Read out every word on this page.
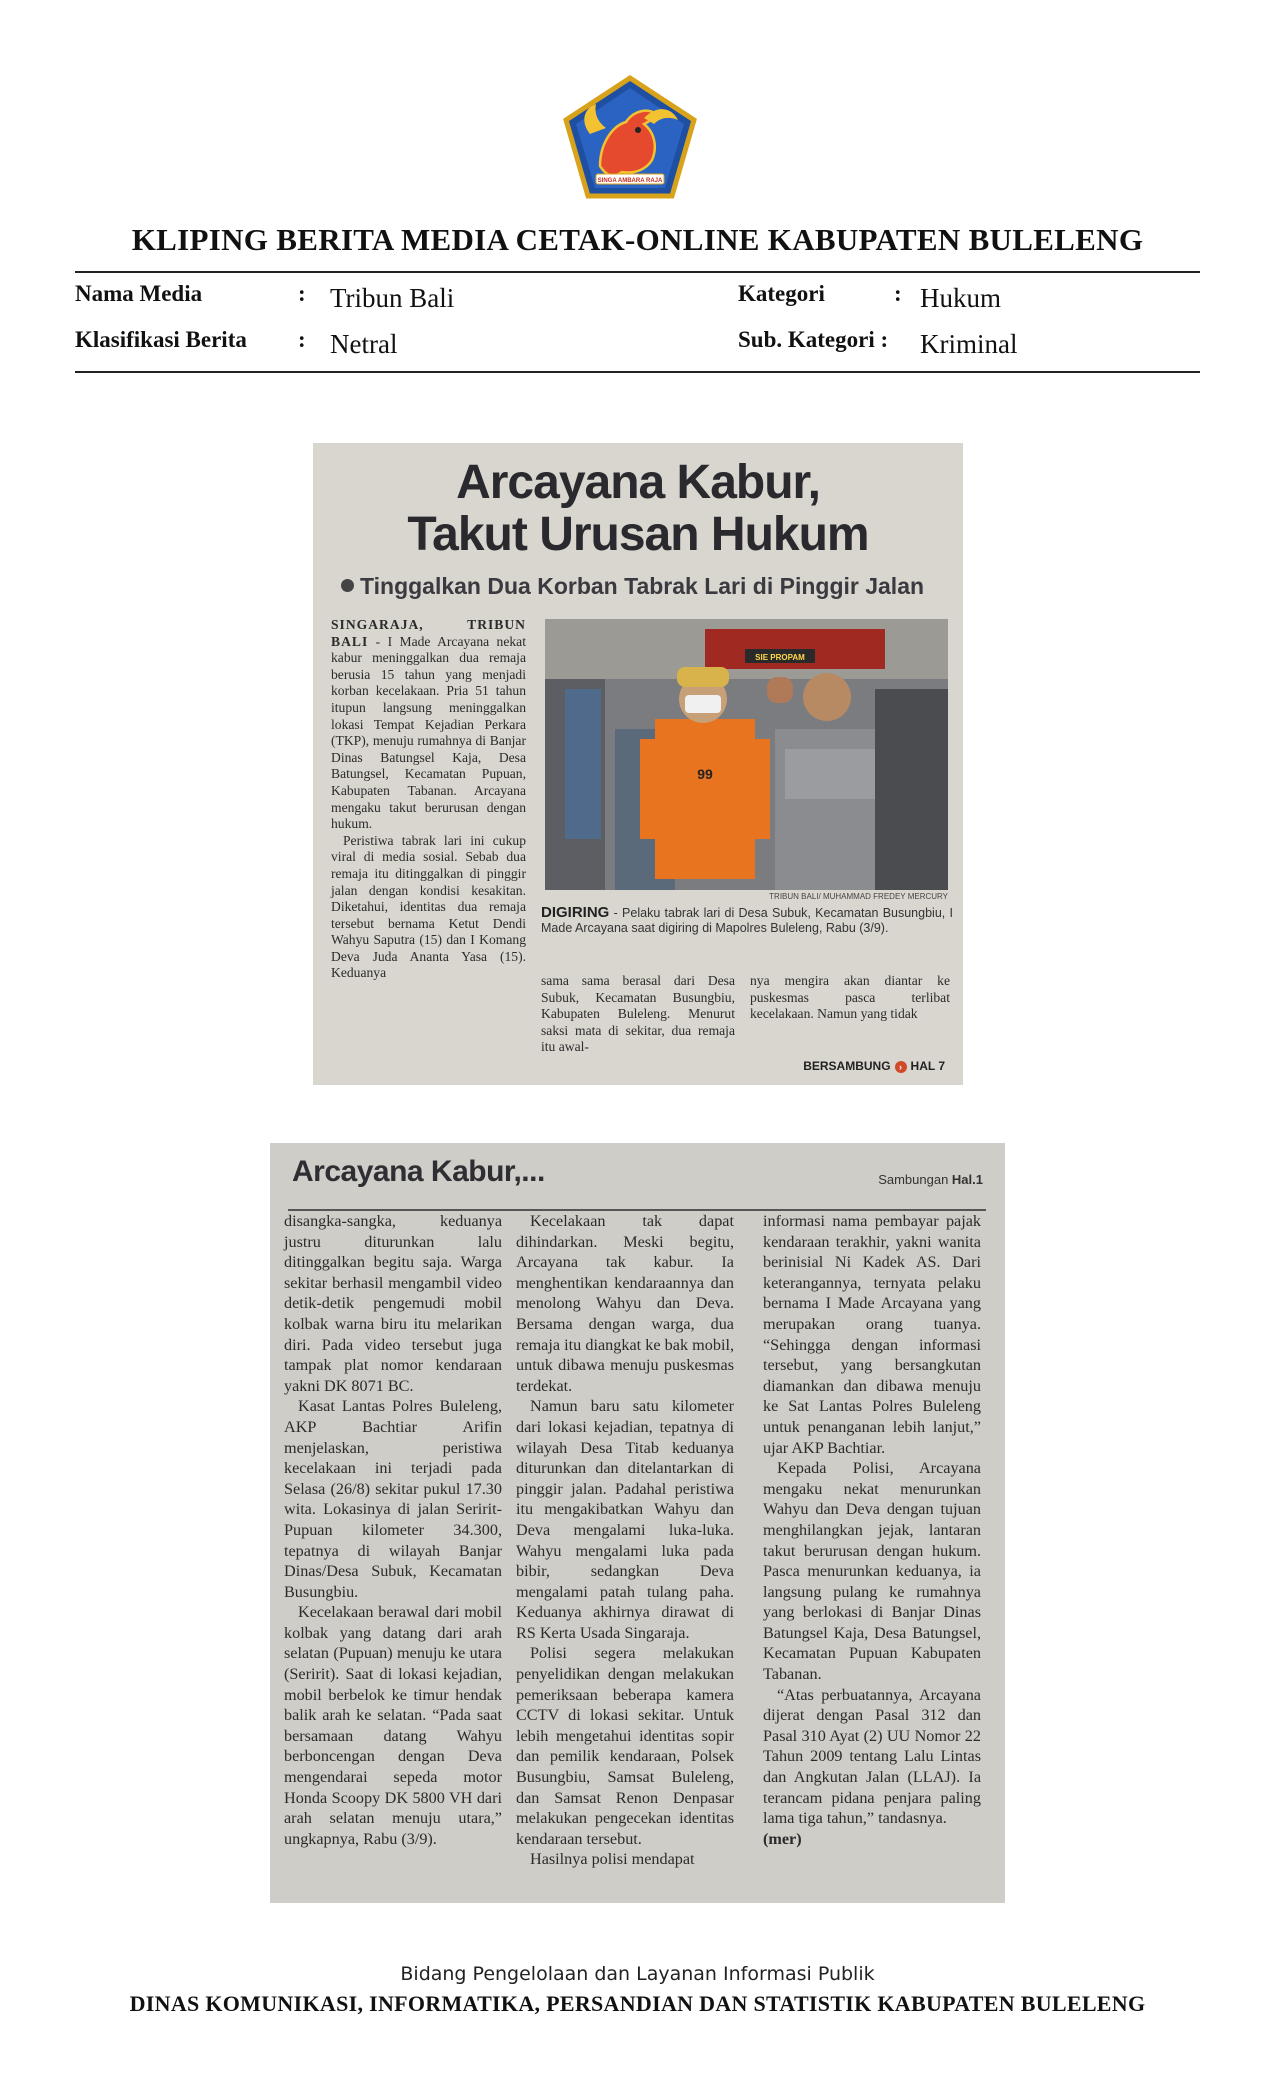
SINGA AMBARA RAJA
KLIPING BERITA MEDIA CETAK-ONLINE KABUPATEN BULELENG
Nama Media	: Tribun Bali
Klasifikasi Berita : Netral
Kategori	: Hukum
Sub. Kategori : Kriminal
Arcayana Kabur,
Takut Urusan Hukum
Tinggalkan Dua Korban Tabrak Lari di Pinggir Jalan
SINGARAJA, TRIBUN BALI - I Made Arcayana nekat kabur meninggalkan dua remaja berusia 15 tahun yang menjadi korban kecelakaan. Pria 51 tahun itupun langsung meninggalkan lokasi Tempat Kejadian Perkara (TKP), menuju rumahnya di Banjar Dinas Batungsel Kaja, Desa Batungsel, Kecamatan Pupuan, Kabupaten Tabanan. Arcayana mengaku takut berurusan dengan hukum.
Peristiwa tabrak lari ini cukup viral di media sosial. Sebab dua remaja itu ditinggalkan di pinggir jalan dengan kondisi kesakitan. Diketahui, identitas dua remaja tersebut bernama Ketut Dendi Wahyu Saputra (15) dan I Komang Deva Juda Ananta Yasa (15). Keduanya
SIE PROPAM
99
TRIBUN BALI/ MUHAMMAD FREDEY MERCURY
DIGIRING - Pelaku tabrak lari di Desa Subuk, Kecamatan Busungbiu, I Made Arcayana saat digiring di Mapolres Buleleng, Rabu (3/9).
sama sama berasal dari Desa Subuk, Kecamatan Busungbiu, Kabupaten Buleleng. Menurut saksi mata di sekitar, dua remaja itu awal-
nya mengira akan diantar ke puskesmas pasca terlibat kecelakaan. Namun yang tidak
BERSAMBUNG › HAL 7
Arcayana Kabur,...	Sambungan Hal.1

disangka-sangka, keduanya justru diturunkan lalu ditinggalkan begitu saja. Warga sekitar berhasil mengambil video detik-detik pengemudi mobil kolbak warna biru itu melarikan diri. Pada video tersebut juga tampak plat nomor kendaraan yakni DK 8071 BC.

Kasat Lantas Polres Buleleng, AKP Bachtiar Arifin menjelaskan, peristiwa kecelakaan ini terjadi pada Selasa (26/8) sekitar pukul 17.30 wita. Lokasinya di jalan Seririt-Pupuan kilometer 34.300, tepatnya di wilayah Banjar Dinas/Desa Subuk, Kecamatan Busungbiu.

Kecelakaan berawal dari mobil kolbak yang datang dari arah selatan (Pupuan) menuju ke utara (Seririt). Saat di lokasi kejadian, mobil berbelok ke timur hendak balik arah ke selatan. “Pada saat bersamaan datang Wahyu berboncengan dengan Deva mengendarai sepeda motor Honda Scoopy DK 5800 VH dari arah selatan menuju utara,” ungkapnya, Rabu (3/9).

Kecelakaan tak dapat dihindarkan. Meski begitu, Arcayana tak kabur. Ia menghentikan kendaraannya dan menolong Wahyu dan Deva. Bersama dengan warga, dua remaja itu diangkat ke bak mobil, untuk dibawa menuju puskesmas terdekat.

Namun baru satu kilometer dari lokasi kejadian, tepatnya di wilayah Desa Titab keduanya diturunkan dan ditelantarkan di pinggir jalan. Padahal peristiwa itu mengakibatkan Wahyu dan Deva mengalami luka-luka. Wahyu mengalami luka pada bibir, sedangkan Deva mengalami patah tulang paha. Keduanya akhirnya dirawat di RS Kerta Usada Singaraja.

Polisi segera melakukan penyelidikan dengan melakukan pemeriksaan beberapa kamera CCTV di lokasi sekitar. Untuk lebih mengetahui identitas sopir dan pemilik kendaraan, Polsek Busungbiu, Samsat Buleleng, dan Samsat Renon Denpasar melakukan pengecekan identitas kendaraan tersebut.

Hasilnya polisi mendapat

informasi nama pembayar pajak kendaraan terakhir, yakni wanita berinisial Ni Kadek AS. Dari keterangannya, ternyata pelaku bernama I Made Arcayana yang merupakan orang tuanya. “Sehingga dengan informasi tersebut, yang bersangkutan diamankan dan dibawa menuju ke Sat Lantas Polres Buleleng untuk penanganan lebih lanjut,” ujar AKP Bachtiar.

Kepada Polisi, Arcayana mengaku nekat menurunkan Wahyu dan Deva dengan tujuan menghilangkan jejak, lantaran takut berurusan dengan hukum. Pasca menurunkan keduanya, ia langsung pulang ke rumahnya yang berlokasi di Banjar Dinas Batungsel Kaja, Desa Batungsel, Kecamatan Pupuan Kabupaten Tabanan.

“Atas perbuatannya, Arcayana dijerat dengan Pasal 312 dan Pasal 310 Ayat (2) UU Nomor 22 Tahun 2009 tentang Lalu Lintas dan Angkutan Jalan (LLAJ). Ia terancam pidana penjara paling lama tiga tahun,” tandasnya.

(mer)

Bidang Pengelolaan dan Layanan Informasi Publik
DINAS KOMUNIKASI, INFORMATIKA, PERSANDIAN DAN STATISTIK KABUPATEN BULELENG
